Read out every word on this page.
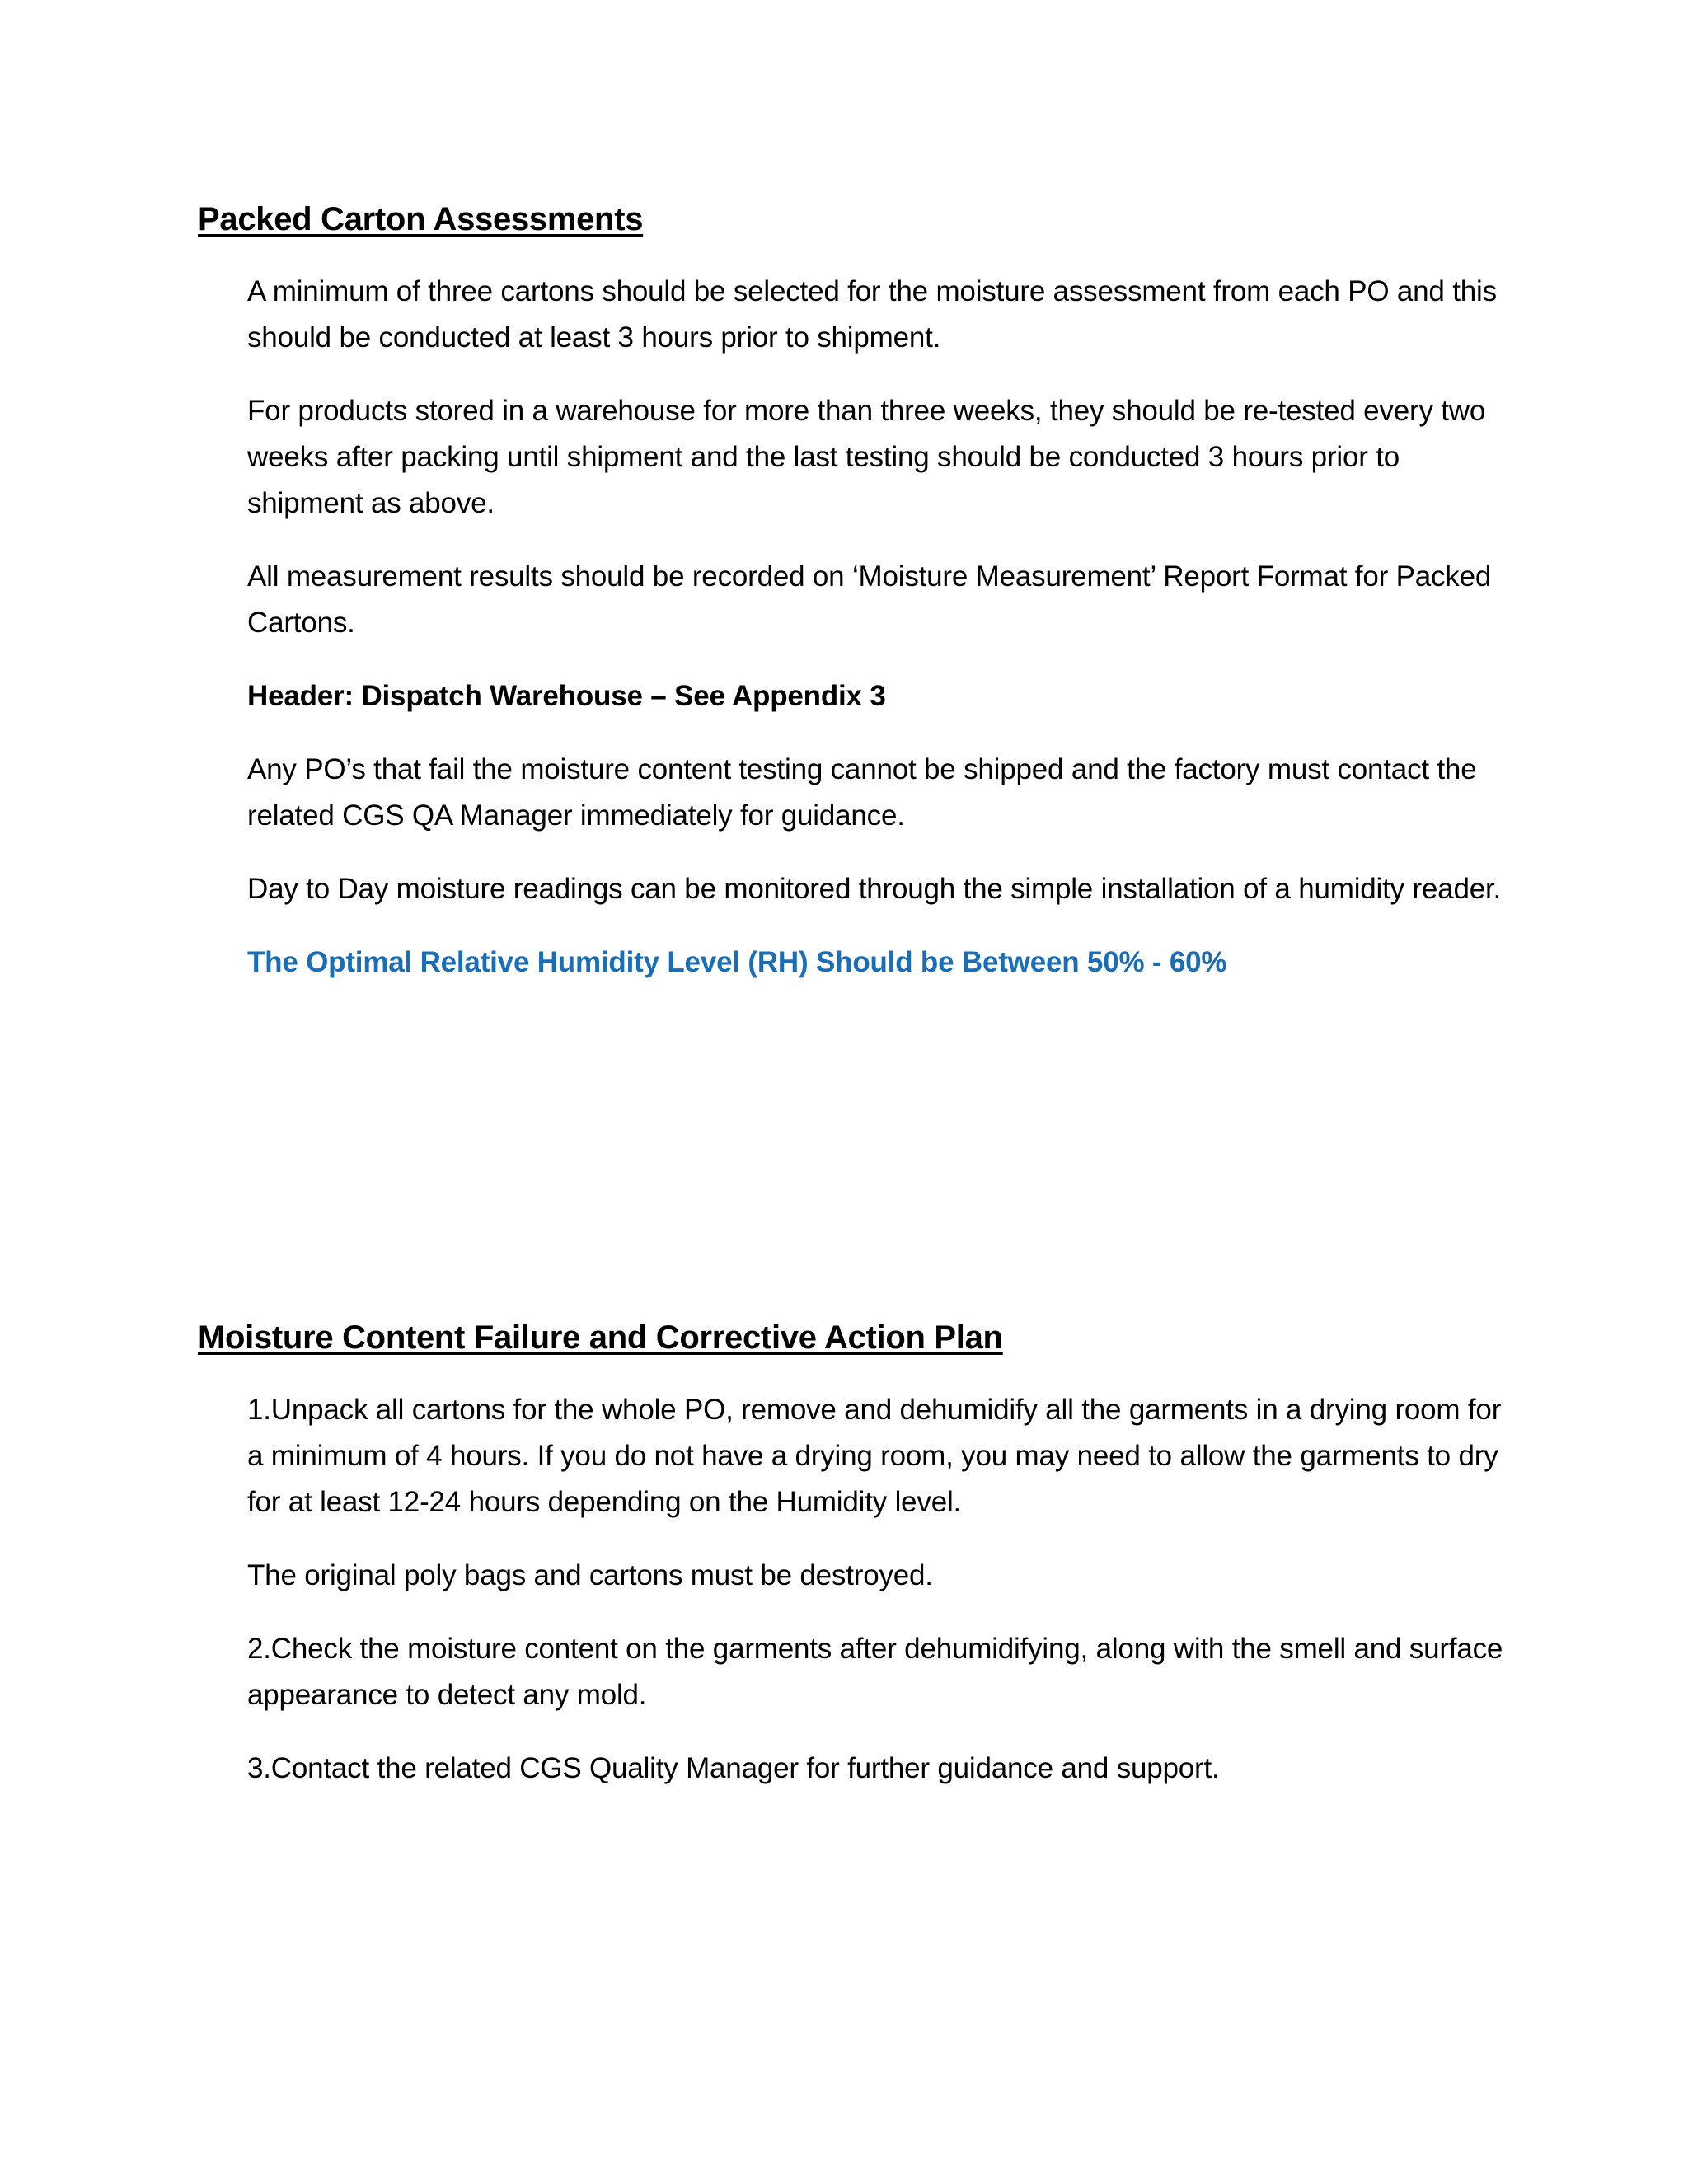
Packed Carton Assessments

A minimum of three cartons should be selected for the moisture assessment from each PO and this should be conducted at least 3 hours prior to shipment.

For products stored in a warehouse for more than three weeks, they should be re-tested every two weeks after packing until shipment and the last testing should be conducted 3 hours prior to shipment as above.

All measurement results should be recorded on ‘Moisture Measurement’ Report Format for Packed Cartons.

Header: Dispatch Warehouse – See Appendix 3

Any PO’s that fail the moisture content testing cannot be shipped and the factory must contact the related CGS QA Manager immediately for guidance.

Day to Day moisture readings can be monitored through the simple installation of a humidity reader.

The Optimal Relative Humidity Level (RH) Should be Between 50% - 60%

Moisture Content Failure and Corrective Action Plan

1.Unpack all cartons for the whole PO, remove and dehumidify all the garments in a drying room for a minimum of 4 hours. If you do not have a drying room, you may need to allow the garments to dry for at least 12-24 hours depending on the Humidity level.

The original poly bags and cartons must be destroyed.

2.Check the moisture content on the garments after dehumidifying, along with the smell and surface appearance to detect any mold.

3.Contact the related CGS Quality Manager for further guidance and support.
